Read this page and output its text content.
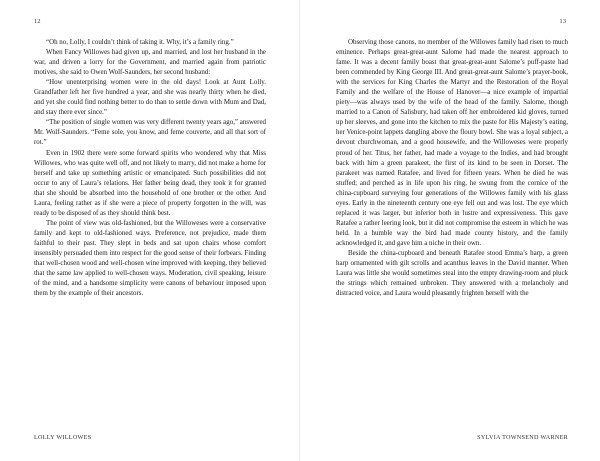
12

“Oh no, Lolly, I couldn’t think of taking it. Why, it’s a family ring.”

When Fancy Willowes had given up, and married, and lost her husband in the war, and driven a lorry for the Government, and married again from patriotic motives, she said to Owen Wolf-Saunders, her second husband:

“How unenterprising women were in the old days! Look at Aunt Lolly. Grandfather left her five hundred a year, and she was nearly thirty when he died, and yet she could find nothing better to do than to settle down with Mum and Dad, and stay there ever since.”

“The position of single women was very different twenty years ago,” answered Mr. Wolf-Saunders. “Feme sole, you know, and feme couverte, and all that sort of rot.”

Even in 1902 there were some forward spirits who wondered why that Miss Willowes, who was quite well off, and not likely to marry, did not make a home for herself and take up something artistic or emancipated. Such possibilities did not occur to any of Laura’s relations. Her father being dead, they took it for granted that she should be absorbed into the household of one brother or the other. And Laura, feeling rather as if she were a piece of property forgotten in the will, was ready to be disposed of as they should think best.

The point of view was old-fashioned, but the Willoweses were a conservative family and kept to old-fashioned ways. Preference, not prejudice, made them faithful to their past. They slept in beds and sat upon chairs whose comfort insensibly persuaded them into respect for the good sense of their forbears. Finding that well-chosen wood and well-chosen wine improved with keeping, they believed that the same law applied to well-chosen ways. Moderation, civil speaking, leisure of the mind, and a handsome simplicity were canons of behaviour imposed upon them by the example of their ancestors.

LOLLY WILLOWES
13

Observing those canons, no member of the Willowes family had risen to much eminence. Perhaps great-great-aunt Salome had made the nearest approach to fame. It was a decent family boast that great-great-aunt Salome’s puff-paste had been commended by King George III. And great-great-aunt Salome’s prayer-book, with the services for King Charles the Martyr and the Restoration of the Royal Family and the welfare of the House of Hanover—a nice example of impartial piety—was always used by the wife of the head of the family. Salome, though married to a Canon of Salisbury, had taken off her embroidered kid gloves, turned up her sleeves, and gone into the kitchen to mix the paste for His Majesty’s eating, her Venice-point lappets dangling above the floury bowl. She was a loyal subject, a devout churchwoman, and a good housewife, and the Willoweses were properly proud of her. Titus, her father, had made a voyage to the Indies, and had brought back with him a green parakeet, the first of its kind to be seen in Dorset. The parakeet was named Ratafee, and lived for fifteen years. When he died he was stuffed; and perched as in life upon his ring, he swung from the cornice of the china-cupboard surveying four generations of the Willowes family with his glass eyes. Early in the nineteenth century one eye fell out and was lost. The eye which replaced it was larger, but inferior both in lustre and expressiveness. This gave Ratafee a rather leering look, but it did not compromise the esteem in which he was held. In a humble way the bird had made county history, and the family acknowledged it, and gave him a niche in their own.

Beside the china-cupboard and beneath Ratafee stood Emma’s harp, a green harp ornamented with gilt scrolls and acanthus leaves in the David manner. When Laura was little she would sometimes steal into the empty drawing-room and pluck the strings which remained unbroken. They answered with a melancholy and distracted voice, and Laura would pleasantly frighten herself with the

SYLVIA TOWNSEND WARNER
